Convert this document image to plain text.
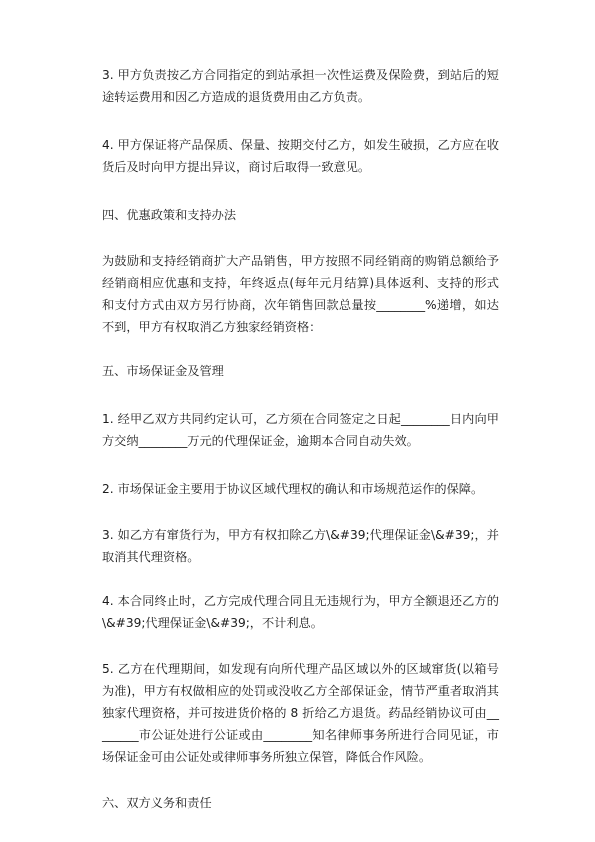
3. 甲方负责按乙方合同指定的到站承担一次性运费及保险费，到站后的短途转运费用和因乙方造成的退货费用由乙方负责。

4. 甲方保证将产品保质、保量、按期交付乙方，如发生破损，乙方应在收货后及时向甲方提出异议，商讨后取得一致意见。

四、优惠政策和支持办法

为鼓励和支持经销商扩大产品销售，甲方按照不同经销商的购销总额给予经销商相应优惠和支持，年终返点(每年元月结算)具体返利、支持的形式和支付方式由双方另行协商，次年销售回款总量按________%递增，如达不到，甲方有权取消乙方独家经销资格：

五、市场保证金及管理

1. 经甲乙双方共同约定认可，乙方须在合同签定之日起________日内向甲方交纳________万元的代理保证金，逾期本合同自动失效。

2. 市场保证金主要用于协议区域代理权的确认和市场规范运作的保障。

3. 如乙方有窜货行为，甲方有权扣除乙方\&#39;代理保证金\&#39;，并取消其代理资格。

4. 本合同终止时，乙方完成代理合同且无违规行为，甲方全额退还乙方的\&#39;代理保证金\&#39;，不计利息。

5. 乙方在代理期间，如发现有向所代理产品区域以外的区域窜货(以箱号为准)，甲方有权做相应的处罚或没收乙方全部保证金，情节严重者取消其独家代理资格，并可按进货价格的 8 折给乙方退货。药品经销协议可由________市公证处进行公证或由________知名律师事务所进行合同见证，市场保证金可由公证处或律师事务所独立保管，降低合作风险。

六、双方义务和责任
